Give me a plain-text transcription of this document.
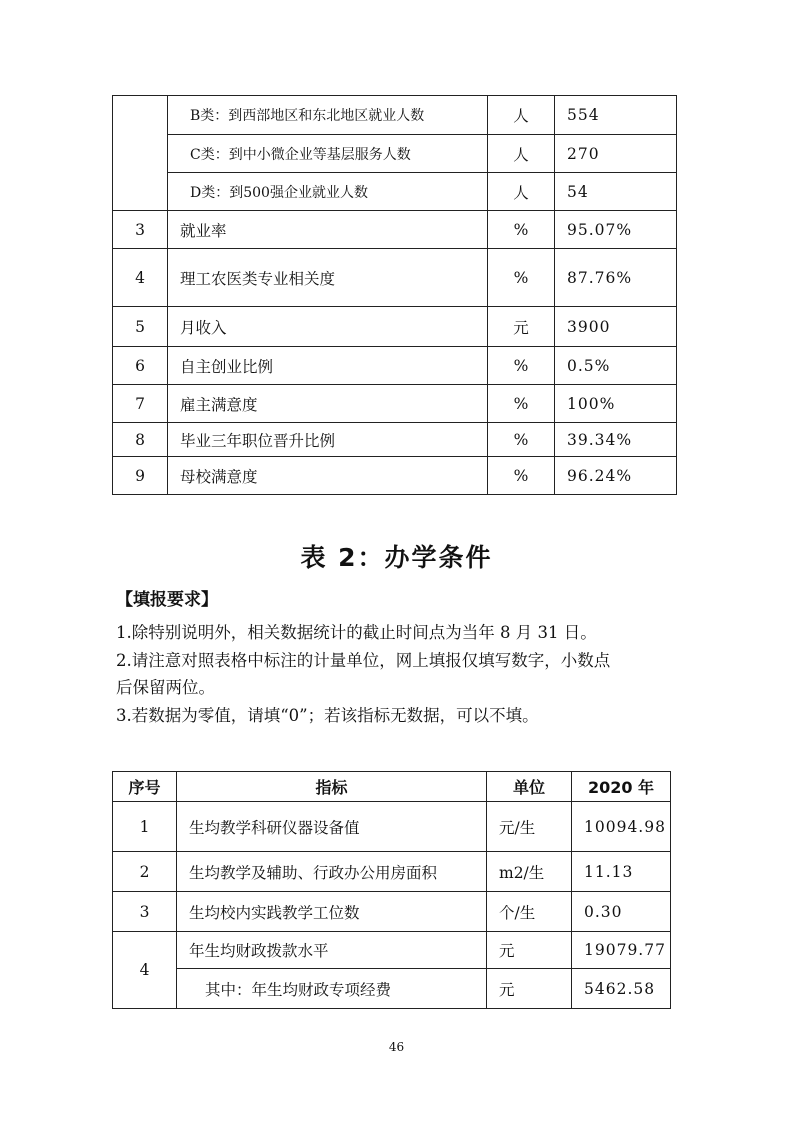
	B类：到西部地区和东北地区就业人数	人	554
	C类：到中小微企业等基层服务人数	人	270
	D类：到500强企业就业人数	人	54
3	就业率	%	95.07%
4	理工农医类专业相关度	%	87.76%
5	月收入	元	3900
6	自主创业比例	%	0.5%
7	雇主满意度	%	100%
8	毕业三年职位晋升比例	%	39.34%
9	母校满意度	%	96.24%
表 2：办学条件
【填报要求】
1.除特别说明外，相关数据统计的截止时间点为当年 8 月 31 日。
2.请注意对照表格中标注的计量单位，网上填报仅填写数字，小数点
后保留两位。
3.若数据为零值，请填“0”；若该指标无数据，可以不填。
序号	指标	单位	2020 年
1	生均教学科研仪器设备值	元/生	10094.98
2	生均教学及辅助、行政办公用房面积	m2/生	11.13
3	生均校内实践教学工位数	个/生	0.30
4	年生均财政拨款水平	元	19079.77
	其中：年生均财政专项经费	元	5462.58
46
